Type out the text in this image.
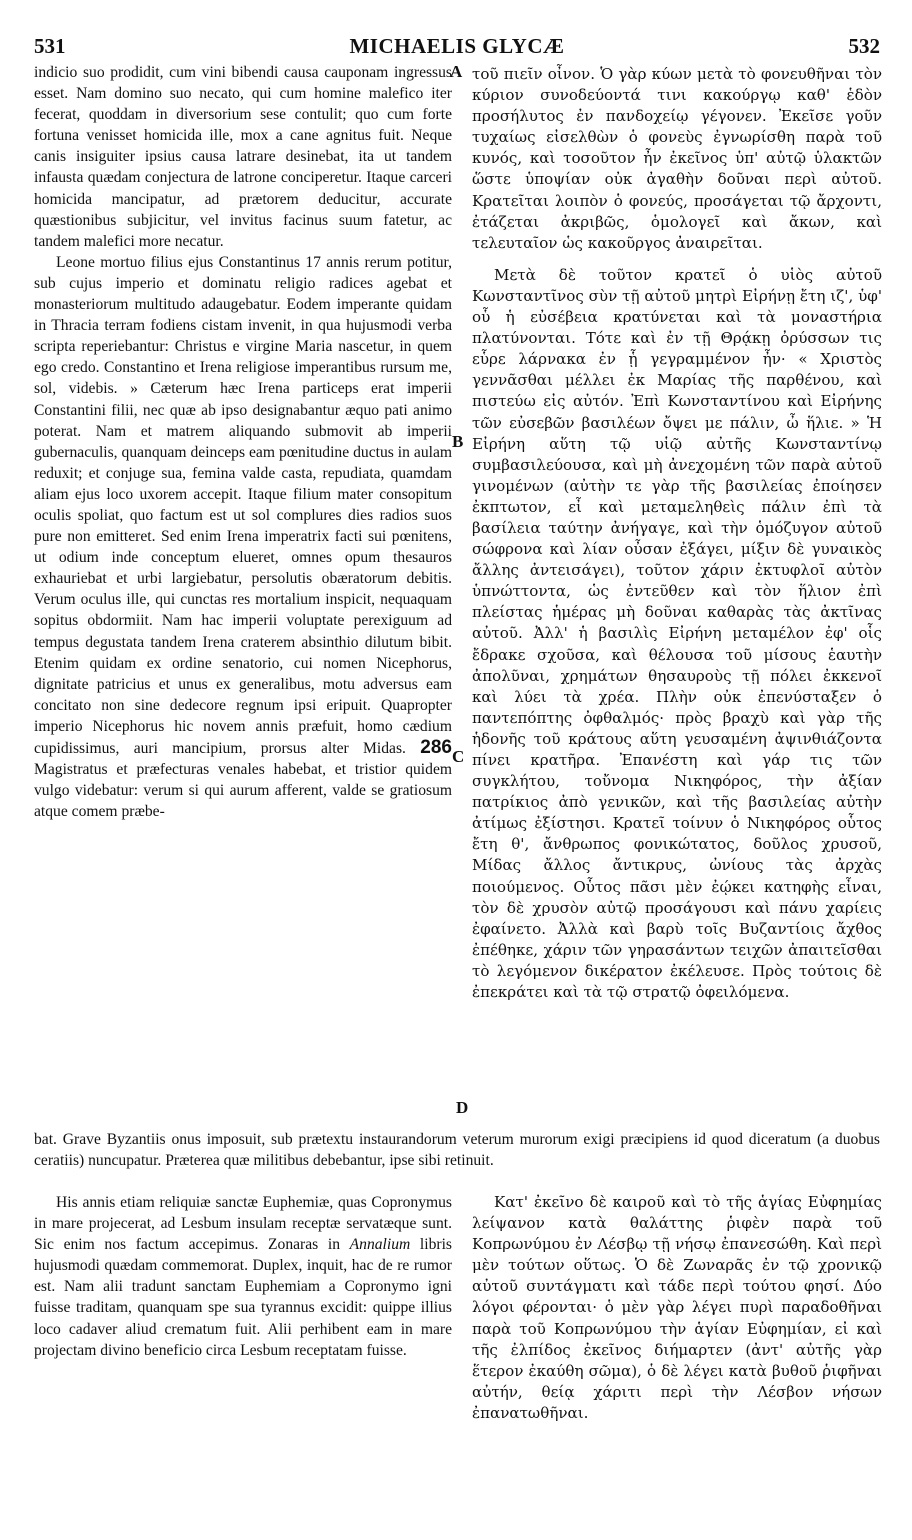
531	MICHAELIS GLYCÆ	532

indicio suo prodidit, cum vini bibendi causa cauponam ingressus esset. Nam domino suo necato, qui cum homine malefico iter fecerat, quoddam in diversorium sese contulit; quo cum forte fortuna venisset homicida ille, mox a cane agnitus fuit. Neque canis insiguiter ipsius causa latrare desinebat, ita ut tandem infausta quædam conjectura de latrone conciperetur. Itaque carceri homicida mancipatur, ad prætorem deducitur, accurate quæstionibus subjicitur, vel invitus facinus suum fatetur, ac tandem malefici more necatur.

Leone mortuo filius ejus Constantinus 17 annis rerum potitur, sub cujus imperio et dominatu religio radices agebat et monasteriorum multitudo adaugebatur. Eodem imperante quidam in Thracia terram fodiens cistam invenit, in qua hujusmodi verba scripta reperiebantur: Christus e virgine Maria nascetur, in quem ego credo. Constantino et Irena religiose imperantibus rursum me, sol, videbis. » Cæterum hæc Irena particeps erat imperii Constantini filii, nec quæ ab ipso designabantur æquo pati animo poterat. Nam et matrem aliquando submovit ab imperii gubernaculis, quanquam deinceps eam pœnitudine ductus in aulam reduxit; et conjuge sua, femina valde casta, repudiata, quamdam aliam ejus loco uxorem accepit. Itaque filium mater consopitum oculis spoliat, quo factum est ut sol complures dies radios suos pure non emitteret. Sed enim Irena imperatrix facti sui pœnitens, ut odium inde conceptum elueret, omnes opum thesauros exhauriebat et urbi largiebatur, persolutis obæratorum debitis. Verum oculus ille, qui cunctas res mortalium inspicit, nequaquam sopitus obdormiit. Nam hac imperii voluptate perexiguum ad tempus degustata tandem Irena craterem absinthio dilutum bibit. Etenim quidam ex ordine senatorio, cui nomen Nicephorus, dignitate patricius et unus ex generalibus, motu adversus eam concitato non sine dedecore regnum ipsi eripuit. Quapropter imperio Nicephorus hic novem annis præfuit, homo cædium cupidissimus, auri mancipium, prorsus alter Midas. 286 Magistratus et præfecturas venales habebat, et tristior quidem vulgo videbatur: verum si qui aurum afferent, valde se gratiosum atque comem præbe-

τοῦ πιεῖν οἶνον. Ὁ γὰρ κύων μετὰ τὸ φονευθῆναι τὸν κύριον συνοδεύοντά τινι κακούργῳ καθ' ἑδὸν προσήλυτος ἐν πανδοχείῳ γέγονεν. Ἐκεῖσε γοῦν τυχαίως εἰσελθὼν ὁ φονεὺς ἐγνωρίσθη παρὰ τοῦ κυνός, καὶ τοσοῦτον ἦν ἐκεῖνος ὑπ' αὐτῷ ὑλακτῶν ὥστε ὑποψίαν οὐκ ἀγαθὴν δοῦναι περὶ αὐτοῦ. Κρατεῖται λοιπὸν ὁ φονεύς, προσάγεται τῷ ἄρχοντι, ἐτάζεται ἀκριβῶς, ὁμολογεῖ καὶ ἄκων, καὶ τελευταῖον ὡς κακοῦργος ἀναιρεῖται.

Μετὰ δὲ τοῦτον κρατεῖ ὁ υἱὸς αὐτοῦ Κωνσταντῖνος σὺν τῇ αὐτοῦ μητρὶ Εἰρήνῃ ἔτη ιζ', ὑφ' οὗ ἡ εὐσέβεια κρατύνεται καὶ τὰ μοναστήρια πλατύνονται. Τότε καὶ ἐν τῇ Θρᾴκῃ ὀρύσσων τις εὗρε λάρνακα ἐν ᾗ γεγραμμένον ἦν· « Χριστὸς γεννᾶσθαι μέλλει ἐκ Μαρίας τῆς παρθένου, καὶ πιστεύω εἰς αὐτόν. Ἐπὶ Κωνσταντίνου καὶ Εἰρήνης τῶν εὐσεβῶν βασιλέων ὄψει με πάλιν, ὦ ἥλιε. » Ἡ Εἰρήνη αὕτη τῷ υἱῷ αὐτῆς Κωνσταντίνῳ συμβασιλεύουσα, καὶ μὴ ἀνεχομένη τῶν παρὰ αὐτοῦ γινομένων (αὐτὴν τε γὰρ τῆς βασιλείας ἐποίησεν ἐκπτωτον, εἶ καὶ μεταμεληθεὶς πάλιν ἐπὶ τὰ βασίλεια ταύτην ἀνήγαγε, καὶ τὴν ὁμόζυγον αὐτοῦ σώφρονα καὶ λίαν οὖσαν ἐξάγει, μίξιν δὲ γυναικὸς ἄλλης ἀντεισάγει), τοῦτον χάριν ἐκτυφλοῖ αὐτὸν ὑπνώττοντα, ὡς ἐντεῦθεν καὶ τὸν ἥλιον ἐπὶ πλείστας ἡμέρας μὴ δοῦναι καθαρὰς τὰς ἀκτῖνας αὐτοῦ. Ἀλλ' ἡ βασιλὶς Εἰρήνη μεταμέλον ἐφ' οἷς ἔδρακε σχοῦσα, καὶ θέλουσα τοῦ μίσους ἑαυτὴν ἀπολῦναι, χρημάτων θησαυροὺς τῇ πόλει ἐκκενοῖ καὶ λύει τὰ χρέα. Πλὴν οὐκ ἐπενύσταξεν ὁ παντεπόπτης ὀφθαλμός· πρὸς βραχὺ καὶ γὰρ τῆς ἡδονῆς τοῦ κράτους αὕτη γευσαμένη ἀψινθιάζοντα πίνει κρατῆρα. Ἐπανέστη καὶ γάρ τις τῶν συγκλήτου, τοὔνομα Νικηφόρος, τὴν ἀξίαν πατρίκιος ἀπὸ γενικῶν, καὶ τῆς βασιλείας αὐτὴν ἀτίμως ἐξίστησι. Κρατεῖ τοίνυν ὁ Νικηφόρος οὗτος ἔτη θ', ἄνθρωπος φονικώτατος, δοῦλος χρυσοῦ, Μίδας ἄλλος ἄντικρυς, ὠνίους τὰς ἀρχὰς ποιούμενος. Οὗτος πᾶσι μὲν ἐῴκει κατηφὴς εἶναι, τὸν δὲ χρυσὸν αὐτῷ προσάγουσι καὶ πάνυ χαρίεις ἐφαίνετο. Ἀλλὰ καὶ βαρὺ τοῖς Βυζαντίοις ἄχθος ἐπέθηκε, χάριν τῶν γηρασάντων τειχῶν ἀπαιτεῖσθαι τὸ λεγόμενον δικέρατον ἐκέλευσε. Πρὸς τούτοις δὲ ἐπεκράτει καὶ τὰ τῷ στρατῷ ὀφειλόμενα.

bat. Grave Byzantiis onus imposuit, sub prætextu instaurandorum veterum murorum exigi præcipiens id quod diceratum (a duobus ceratiis) nuncupatur. Præterea quæ militibus debebantur, ipse sibi retinuit.

His annis etiam reliquiæ sanctæ Euphemiæ, quas Copronymus in mare projecerat, ad Lesbum insulam receptæ servatæque sunt. Sic enim nos factum accepimus. Zonaras in Annalium libris hujusmodi quædam commemorat. Duplex, inquit, hac de re rumor est. Nam alii tradunt sanctam Euphemiam a Copronymo igni fuisse traditam, quanquam spe sua tyrannus excidit: quippe illius loco cadaver aliud crematum fuit. Alii perhibent eam in mare projectam divino beneficio circa Lesbum receptatam fuisse.

Κατ' ἐκεῖνο δὲ καιροῦ καὶ τὸ τῆς ἁγίας Εὐφημίας λείψανον κατὰ θαλάττης ῥιφὲν παρὰ τοῦ Κοπρωνύμου ἐν Λέσβῳ τῇ νήσῳ ἐπανεσώθη. Καὶ περὶ μὲν τούτων οὕτως. Ὁ δὲ Ζωναρᾶς ἐν τῷ χρονικῷ αὐτοῦ συντάγματι καὶ τάδε περὶ τούτου φησί. Δύο λόγοι φέρονται· ὁ μὲν γὰρ λέγει πυρὶ παραδοθῆναι παρὰ τοῦ Κοπρωνύμου τὴν ἁγίαν Εὐφημίαν, εἰ καὶ τῆς ἐλπίδος ἐκεῖνος διήμαρτεν (ἀντ' αὐτῆς γὰρ ἕτερον ἐκαύθη σῶμα), ὁ δὲ λέγει κατὰ βυθοῦ ῥιφῆναι αὐτήν, θείᾳ χάριτι περὶ τὴν Λέσβον νήσων ἐπανατωθῆναι.

A
B
C
D
